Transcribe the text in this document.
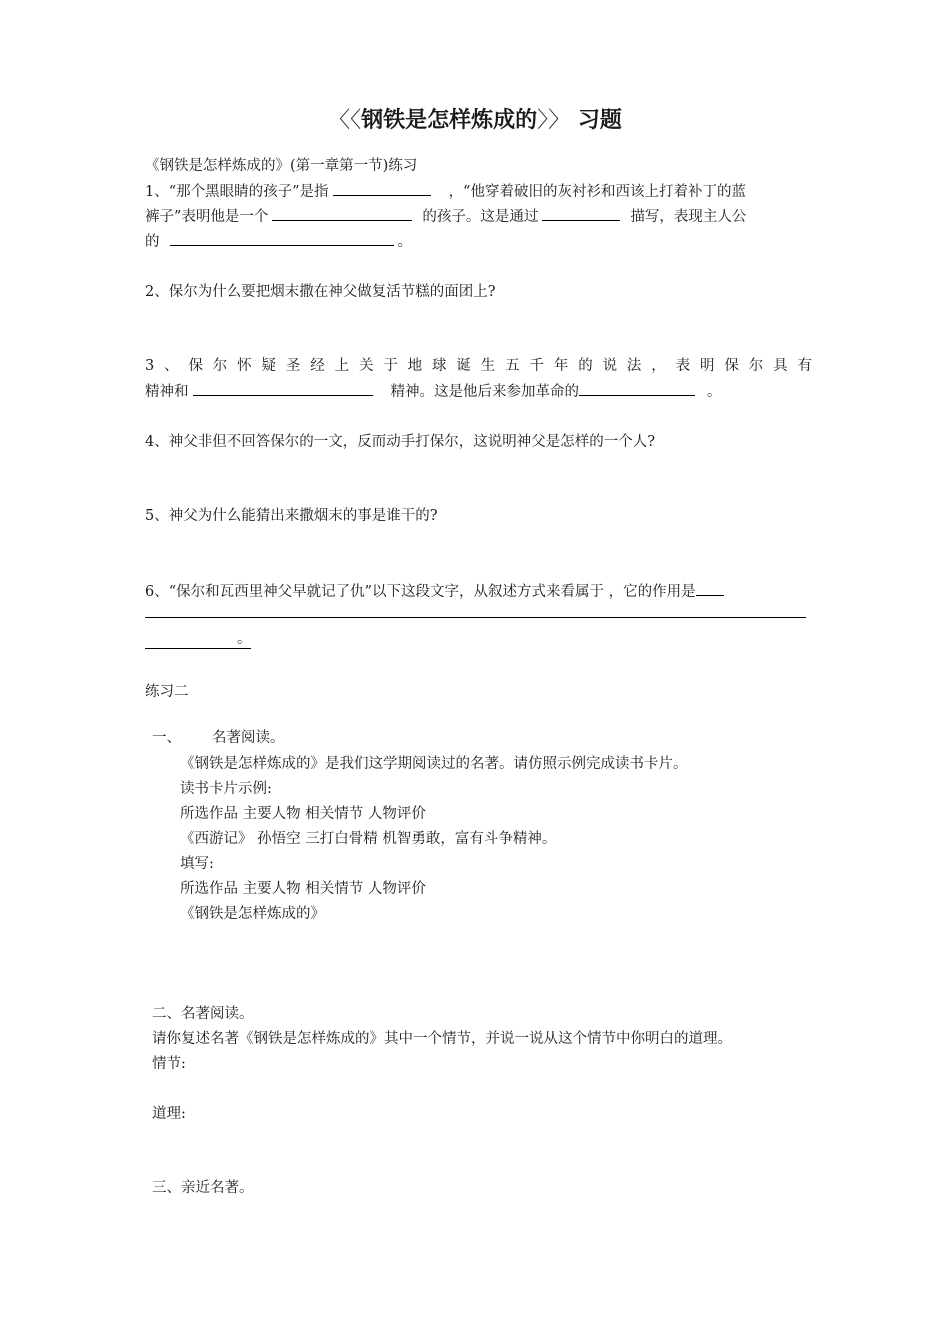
〈〈钢铁是怎样炼成的〉〉 习题
《钢铁是怎样炼成的》(第一章第一节)练习
1、“那个黑眼睛的孩子”是指	，“他穿着破旧的灰衬衫和西该上打着补丁的蓝
裤子”表明他是一个	的孩子。这是通过	描写，表现主人公
的	。
2、保尔为什么要把烟末撒在神父做复活节糕的面团上?
3、保尔怀疑圣经上关于地球诞生五千年的说法，表明保尔具有
精神和	精神。这是他后来参加革命的	。
4、神父非但不回答保尔的一文，反而动手打保尔，这说明神父是怎样的一个人?
5、神父为什么能猜出来撒烟末的事是谁干的?
6、“保尔和瓦西里神父早就记了仇”以下这段文字，从叙述方式来看属于 ，它的作用是
。
练习二
一、 名著阅读。
《钢铁是怎样炼成的》是我们这学期阅读过的名著。请仿照示例完成读书卡片。
读书卡片示例:
所选作品 主要人物 相关情节 人物评价
《西游记》 孙悟空 三打白骨精 机智勇敢，富有斗争精神。
填写:
所选作品 主要人物 相关情节 人物评价
《钢铁是怎样炼成的》
二、名著阅读。
请你复述名著《钢铁是怎样炼成的》其中一个情节，并说一说从这个情节中你明白的道理。
情节:
道理:
三、亲近名著。
